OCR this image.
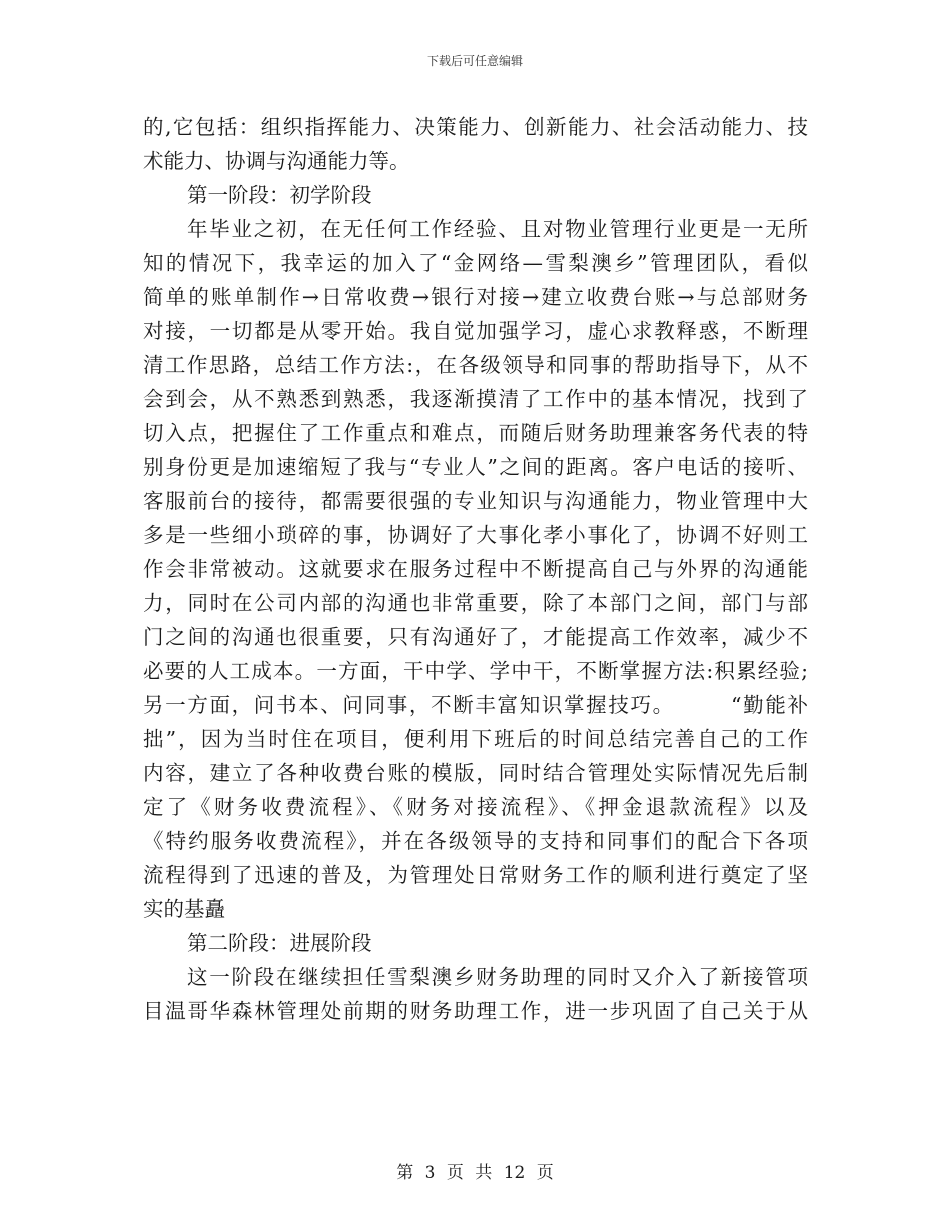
下载后可任意编辑
的,它包括：组织指挥能力、决策能力、创新能力、社会活动能力、技
术能力、协调与沟通能力等。
第一阶段：初学阶段
年毕业之初，在无任何工作经验、且对物业管理行业更是一无所
知的情况下，我幸运的加入了“金网络—雪梨澳乡”管理团队，看似
简单的账单制作→日常收费→银行对接→建立收费台账→与总部财务
对接，一切都是从零开始。我自觉加强学习，虚心求教释惑，不断理
清工作思路，总结工作方法:，在各级领导和同事的帮助指导下，从不
会到会，从不熟悉到熟悉，我逐渐摸清了工作中的基本情况，找到了
切入点，把握住了工作重点和难点，而随后财务助理兼客务代表的特
别身份更是加速缩短了我与“专业人”之间的距离。客户电话的接听、
客服前台的接待，都需要很强的专业知识与沟通能力，物业管理中大
多是一些细小琐碎的事，协调好了大事化孝小事化了，协调不好则工
作会非常被动。这就要求在服务过程中不断提高自己与外界的沟通能
力，同时在公司内部的沟通也非常重要，除了本部门之间，部门与部
门之间的沟通也很重要，只有沟通好了，才能提高工作效率，减少不
必要的人工成本。一方面，干中学、学中干，不断掌握方法:积累经验;
另一方面，问书本、问同事，不断丰富知识掌握技巧。　　　“勤能补
拙”，因为当时住在项目，便利用下班后的时间总结完善自己的工作
内容，建立了各种收费台账的模版，同时结合管理处实际情况先后制
定了《财务收费流程》、《财务对接流程》、《押金退款流程》以及
《特约服务收费流程》，并在各级领导的支持和同事们的配合下各项
流程得到了迅速的普及，为管理处日常财务工作的顺利进行奠定了坚
实的基矗
第二阶段：进展阶段
这一阶段在继续担任雪梨澳乡财务助理的同时又介入了新接管项
目温哥华森林管理处前期的财务助理工作，进一步巩固了自己关于从
第 3 页 共 12 页
